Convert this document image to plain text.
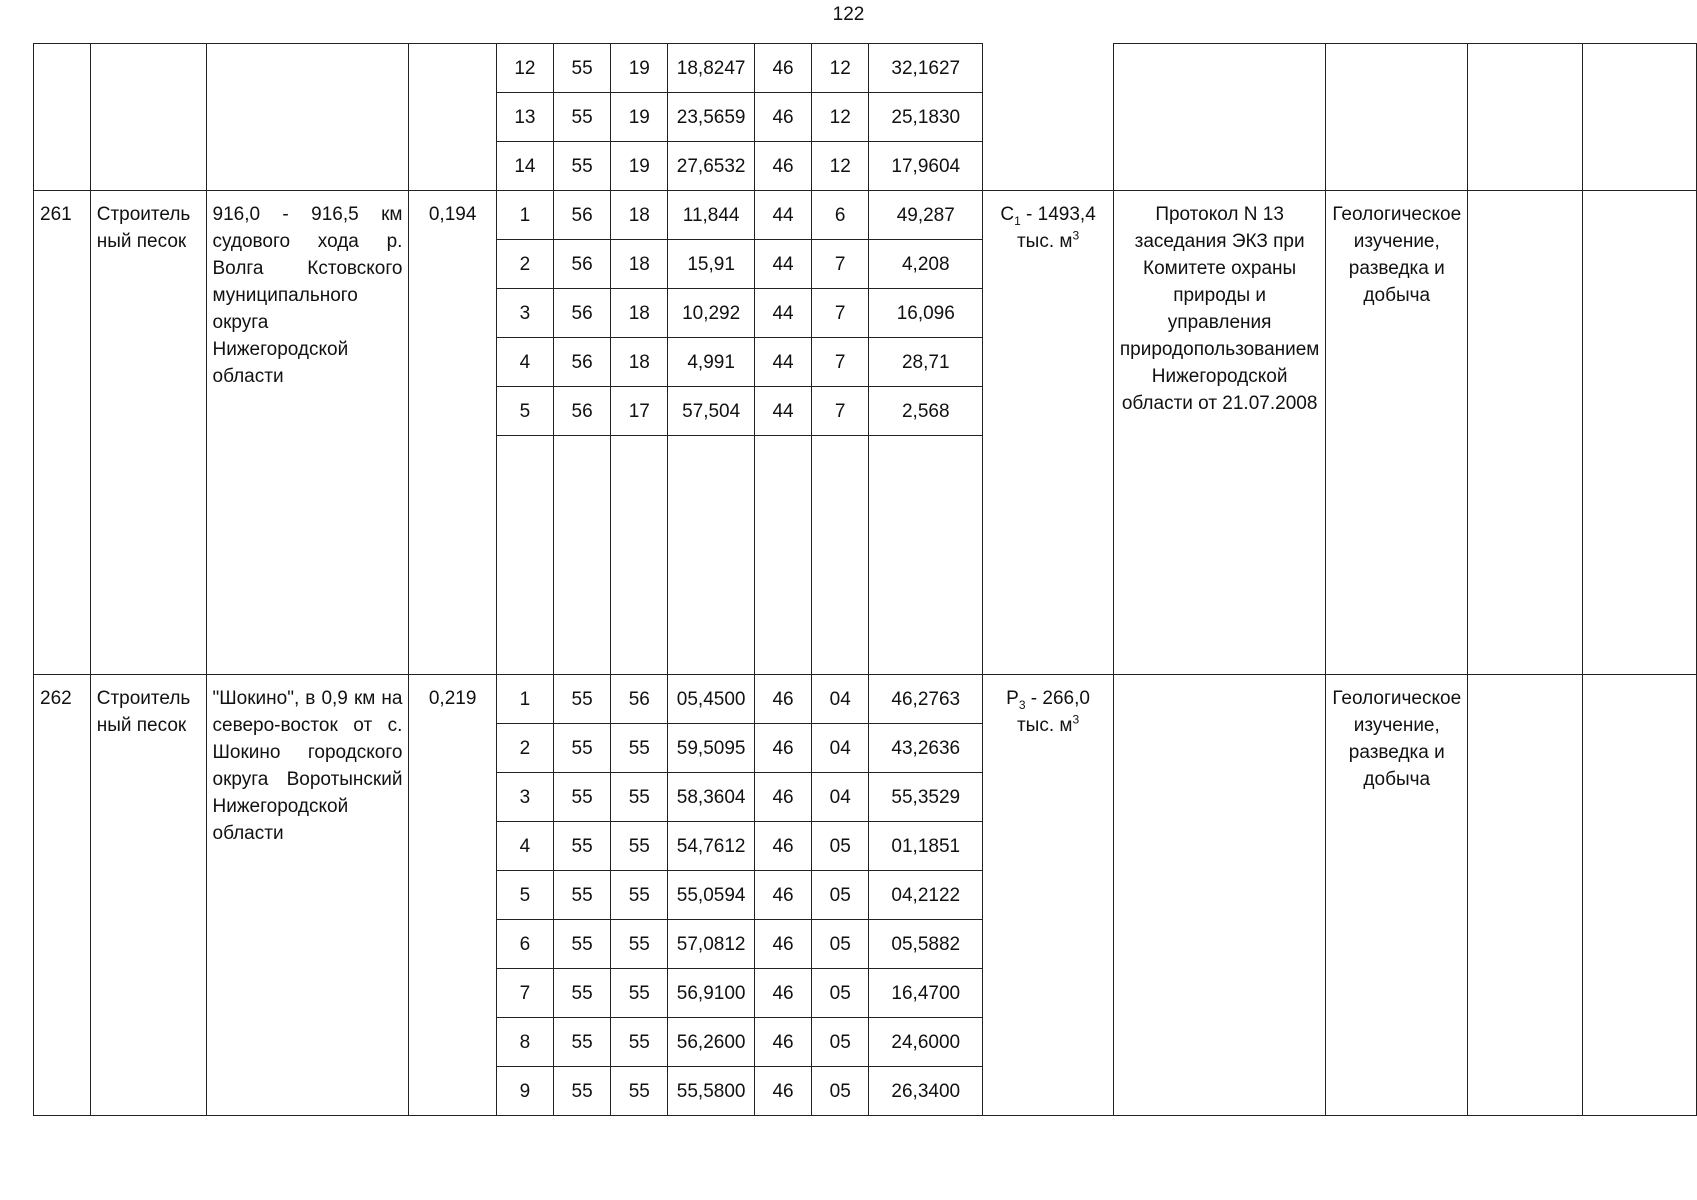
122
				12	55	19	18,8247	46	12	32,1627					
				13	55	19	23,5659	46	12	25,1830					
				14	55	19	27,6532	46	12	17,9604					
261	Строитель ный песок	916,0 - 916,5 км судового хода р. Волга Кстовского муниципального округа Нижегородской области	0,194	1	56	18	11,844	44	6	49,287	$C_1 - 1493,4$ тыс. $м^3$	Протокол N 13 заседания ЭКЗ при Комитете охраны природы и управления природопользованием Нижегородской области от 21.07.2008	Геологическое изучение, разведка и добыча		
				2	56	18	15,91	44	7	4,208					
				3	56	18	10,292	44	7	16,096					
				4	56	18	4,991	44	7	28,71					
				5	56	17	57,504	44	7	2,568					

262	Строитель ный песок	"Шокино", в 0,9 км на северо-восток от с. Шокино городского округа Воротынский Нижегородской области	0,219	1	55	56	05,4500	46	04	46,2763	$P_3 - 266,0$ тыс. $м^3$		Геологическое изучение, разведка и добыча		
				2	55	55	59,5095	46	04	43,2636					
				3	55	55	58,3604	46	04	55,3529					
				4	55	55	54,7612	46	05	01,1851					
				5	55	55	55,0594	46	05	04,2122					
				6	55	55	57,0812	46	05	05,5882					
				7	55	55	56,9100	46	05	16,4700					
				8	55	55	56,2600	46	05	24,6000					
				9	55	55	55,5800	46	05	26,3400					
